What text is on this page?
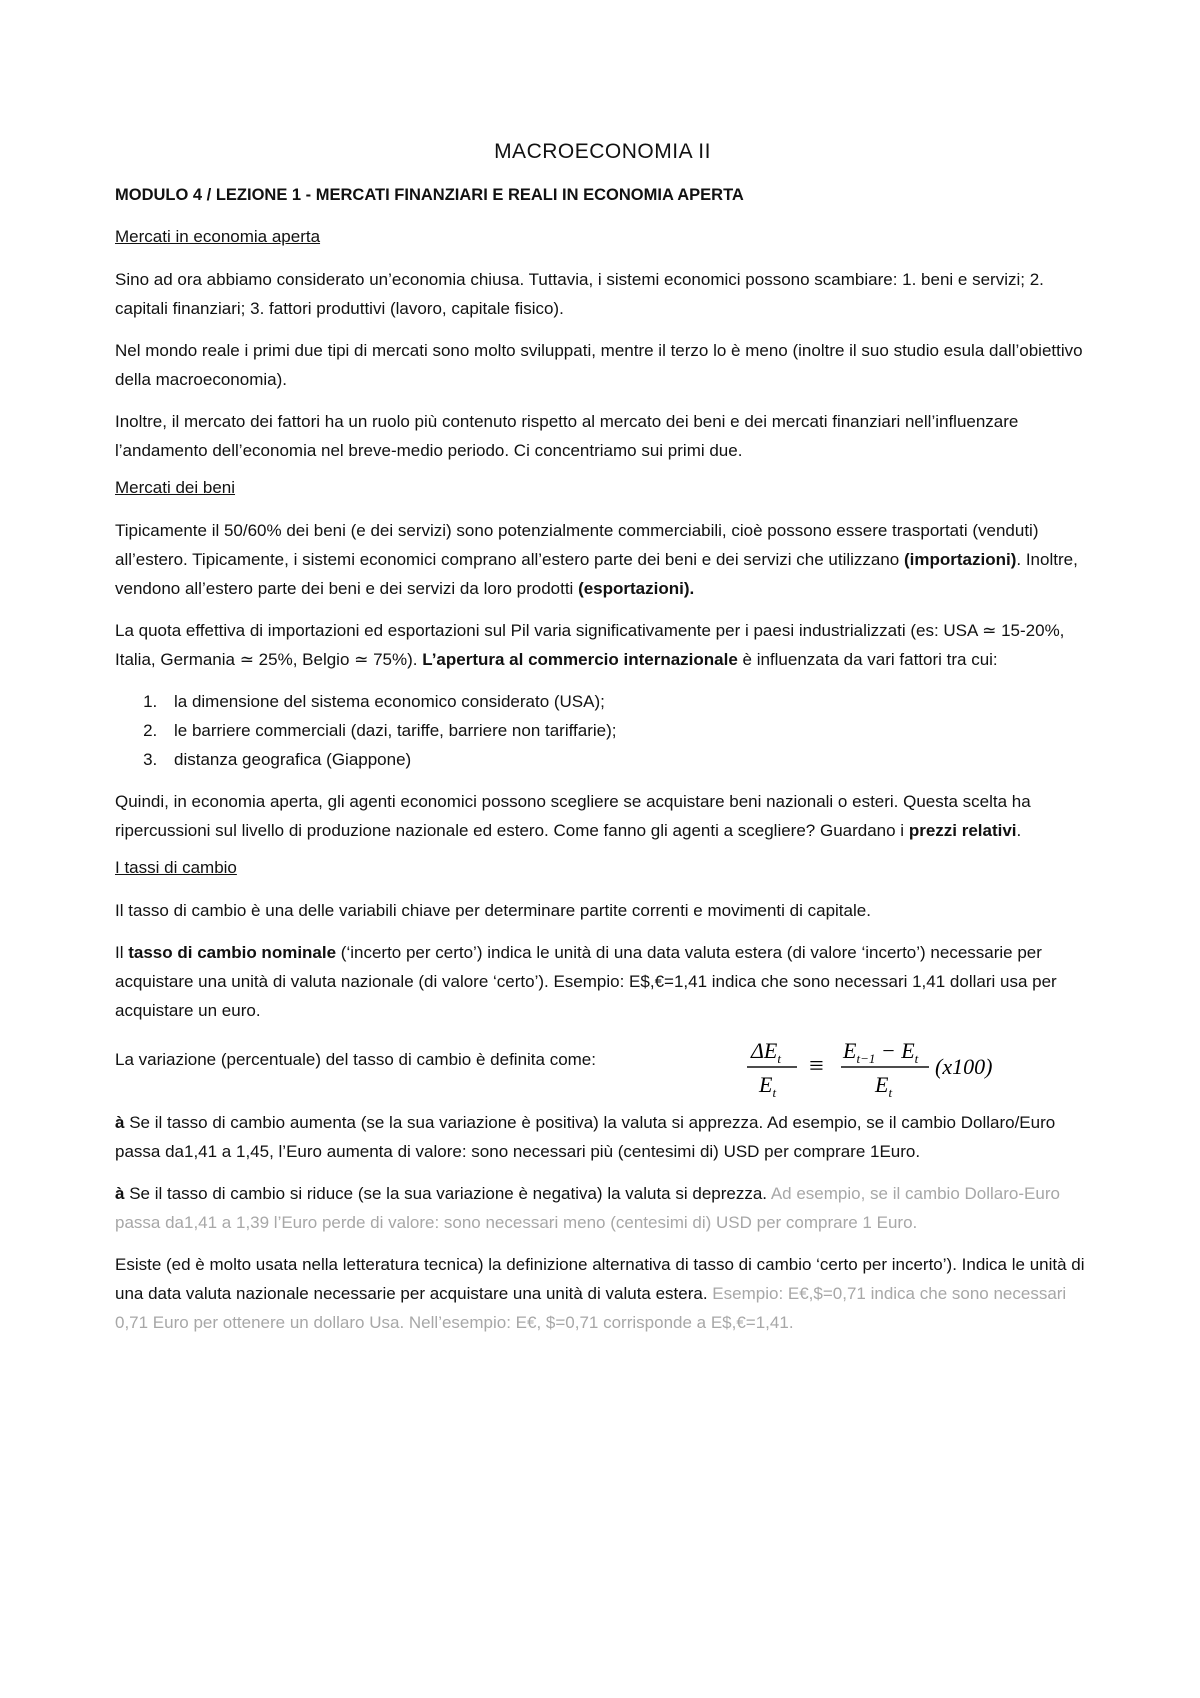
MACROECONOMIA II
MODULO 4 / LEZIONE 1 - MERCATI FINANZIARI E REALI IN ECONOMIA APERTA
Mercati in economia aperta

Sino ad ora abbiamo considerato un’economia chiusa. Tuttavia, i sistemi economici possono scambiare: 1. beni e servizi; 2. capitali finanziari; 3. fattori produttivi (lavoro, capitale fisico).

Nel mondo reale i primi due tipi di mercati sono molto sviluppati, mentre il terzo lo è meno (inoltre il suo studio esula dall’obiettivo della macroeconomia).

Inoltre, il mercato dei fattori ha un ruolo più contenuto rispetto al mercato dei beni e dei mercati finanziari nell’influenzare l’andamento dell’economia nel breve-medio periodo. Ci concentriamo sui primi due.

Mercati dei beni

Tipicamente il 50/60% dei beni (e dei servizi) sono potenzialmente commerciabili, cioè possono essere trasportati (venduti) all’estero. Tipicamente, i sistemi economici comprano all’estero parte dei beni e dei servizi che utilizzano (importazioni). Inoltre, vendono all’estero parte dei beni e dei servizi da loro prodotti (esportazioni).

La quota effettiva di importazioni ed esportazioni sul Pil varia significativamente per i paesi industrializzati (es: USA ≃ 15-20%, Italia, Germania ≃ 25%, Belgio ≃ 75%). L’apertura al commercio internazionale è influenzata da vari fattori tra cui:

1. la dimensione del sistema economico considerato (USA);
2. le barriere commerciali (dazi, tariffe, barriere non tariffarie);
3. distanza geografica (Giappone)

Quindi, in economia aperta, gli agenti economici possono scegliere se acquistare beni nazionali o esteri. Questa scelta ha ripercussioni sul livello di produzione nazionale ed estero. Come fanno gli agenti a scegliere? Guardano i prezzi relativi.

I tassi di cambio

Il tasso di cambio è una delle variabili chiave per determinare partite correnti e movimenti di capitale.

Il tasso di cambio nominale (‘incerto per certo’) indica le unità di una data valuta estera (di valore ‘incerto’) necessarie per acquistare una unità di valuta nazionale (di valore ‘certo’). Esempio: E$,€=1,41 indica che sono necessari 1,41 dollari usa per acquistare un euro.

La variazione (percentuale) del tasso di cambio è definita come:	$\Delta E_t$
$E_t$
≡
$E_{t-1} - E_t$
$E_t$
(x100)

à Se il tasso di cambio aumenta (se la sua variazione è positiva) la valuta si apprezza. Ad esempio, se il cambio Dollaro/Euro passa da1,41 a 1,45, l’Euro aumenta di valore: sono necessari più (centesimi di) USD per comprare 1Euro.

à Se il tasso di cambio si riduce (se la sua variazione è negativa) la valuta si deprezza. Ad esempio, se il cambio Dollaro-Euro passa da1,41 a 1,39 l’Euro perde di valore: sono necessari meno (centesimi di) USD per comprare 1 Euro.

Esiste (ed è molto usata nella letteratura tecnica) la definizione alternativa di tasso di cambio ‘certo per incerto’). Indica le unità di una data valuta nazionale necessarie per acquistare una unità di valuta estera. Esempio: E€,$=0,71 indica che sono necessari 0,71 Euro per ottenere un dollaro Usa. Nell’esempio: E€, $=0,71 corrisponde a E$,€=1,41.
